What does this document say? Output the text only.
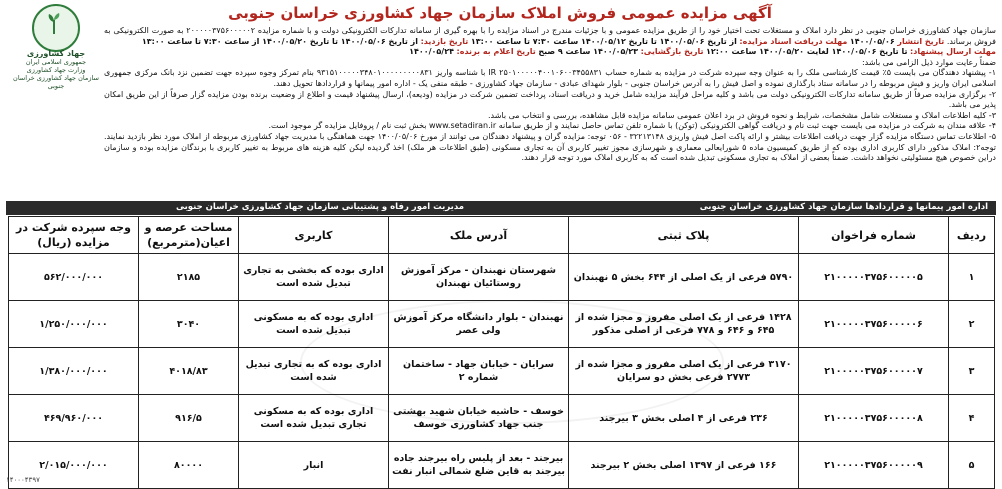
آگهی مزایده عمومی فروش املاک سازمان جهاد کشاورزی خراسان جنوبی
جهاد کشاورزی
جمهوری اسلامی ایران
وزارت جهاد کشاورزی
سازمان جهاد کشاورزی خراسان جنوبی

سازمان جهاد کشاورزی خراسان جنوبی در نظر دارد املاک و مستغلات تحت اختیار خود را از طریق مزایده عمومی و با جزئیات مندرج در اسناد مزایده را با بهره گیری از سامانه تدارکات الکترونیکی دولت و با شماره مزایده ۲۰۰۰۰۰۳۷۵۶۰۰۰۰۰۲ به صورت الکترونیکی به فروش برساند. تاریخ انتشار ۱۴۰۰/۰۵/۰۶ مهلت دریافت اسناد مزایده: از تاریخ ۱۴۰۰/۰۵/۰۶ تا تاریخ ۱۴۰۰/۰۵/۱۲ ساعت ۷:۳۰ تا ساعت ۱۳:۰۰ تاریخ بازدید: از تاریخ ۱۴۰۰/۰۵/۰۶ تا تاریخ ۱۴۰۰/۰۵/۲۰ از ساعت ۷:۳۰ تا ساعت ۱۳:۰۰

مهلت ارسال پیشنهاد: تا تاریخ ۱۴۰۰/۰۵/۰۶ لغایت ۱۴۰۰/۰۵/۲۰ ساعت ۱۲:۰۰ تاریخ بازگشایی: ۱۴۰۰/۰۵/۲۳ ساعت ۹ صبح تاریخ اعلام به برنده: ۱۴۰۰/۰۵/۲۴

ضمناً رعایت موارد ذیل الزامی می باشد:

۱- پیشنهاد دهندگان می بایست ۵٪ قیمت کارشناسی ملک را به عنوان وجه سپرده شرکت در مزایده به شماره حساب IR ۲۵۰۱۰۰۰۰۰۴۰۰۱۰۶۰۰۳۴۵۵۸۳۱ با شناسه واریز ۹۳۱۵۱۰۰۰۰۰۳۴۸۰۱۰۰۰۰۰۰۰۰۰۸۳۱ بنام تمرکز وجوه سپرده جهت تضمین نزد بانک مرکزی جمهوری اسلامی ایران واریز و فیش مربوطه را در سامانه ستاد بارگذاری نموده و اصل فیش را به آدرس خراسان جنوبی - بلوار شهدای عبادی - سازمان جهاد کشاورزی - طبقه منفی یک - اداره امور پیمانها و قراردادها تحویل دهند.

۲- برگزاری مزایده صرفاً از طریق سامانه تدارکات الکترونیکی دولت می باشد و کلیه مراحل فرآیند مزایده شامل خرید و دریافت اسناد، پرداخت تضمین شرکت در مزایده (ودیعه)، ارسال پیشنهاد قیمت و اطلاع از وضعیت برنده بودن مزایده گزار صرفاً از این طریق امکان پذیر می باشد.

۳- کلیه اطلاعات املاک و مستغلات شامل مشخصات، شرایط و نحوه فروش در برد اعلان عمومی سامانه مزایده قابل مشاهده، بررسی و انتخاب می باشد.

۴- علاقه مندان به شرکت در مزایده می بایست جهت ثبت نام و دریافت گواهی الکترونیکی (توکن) با شماره تلفن تماس حاصل نمایند و از طریق سامانه www.setadiran.ir بخش ثبت نام / پروفایل مزایده گر موجود است.

۵- اطلاعات تماس دستگاه مزایده گزار جهت دریافت اطلاعات بیشتر و ارائه پاکت اصل فیش واریزی ۳۲۲۱۳۱۴۸ - ۰۵۶ توجه: مزایده گران و پیشنهاد دهندگان می توانند از مورخ ۱۴۰۰/۰۵/۰۶ جهت هماهنگی با مدیریت جهاد کشاورزی مربوطه از املاک مورد نظر بازدید نمایند. توجه۲: املاک مذکور دارای کاربری اداری بوده که از طریق کمیسیون ماده ۵ شورایعالی معماری و شهرسازی مجوز تغییر کاربری آن به تجاری مسکونی (طبق اطلاعات هر ملک) اخذ گردیده لیکن کلیه هزینه های مربوط به تغییر کاربری با برندگان مزایده بوده و سازمان دراین خصوص هیچ مسئولیتی نخواهد داشت. ضمناً بعضی از املاک به تجاری مسکونی تبدیل شده است که به کاربری املاک مورد توجه قرار دهند.

اداره امور پیمانها و قراردادها سازمان جهاد کشاورزی خراسان جنوبی
مدیریت امور رفاه و پشتیبانی سازمان جهاد کشاورزی خراسان جنوبی
ردیف	شماره فراخوان	پلاک ثبتی	آدرس ملک	کاربری	مساحت عرصه و اعیان(مترمربع)	وجه سپرده شرکت در مزایده (ریال)
۱	۲۱۰۰۰۰۰۳۷۵۶۰۰۰۰۰۵	۵۷۹۰ فرعی از یک اصلی از ۶۴۴ بخش ۵ نهبندان	شهرستان نهبندان - مرکز آموزش روستائیان نهبندان	اداری بوده که بخشی به تجاری تبدیل شده است	۲۱۸۵	۵۶۲/۰۰۰/۰۰۰
۲	۲۱۰۰۰۰۰۳۷۵۶۰۰۰۰۰۶	۱۴۲۸ فرعی از یک اصلی مفروز و مجزا شده از ۶۴۵ و ۶۴۶ و ۷۷۸ فرعی از اصلی مذکور	نهبندان - بلوار دانشگاه مرکز آموزش ولی عصر	اداری بوده که به مسکونی تبدیل شده است	۳۰۴۰	۱/۲۵۰/۰۰۰/۰۰۰
۳	۲۱۰۰۰۰۰۳۷۵۶۰۰۰۰۰۷	۳۱۷۰ فرعی از یک اصلی مفروز و مجزا شده از ۲۷۷۳ فرعی بخش دو سرایان	سرایان - خیابان جهاد - ساختمان شماره ۲	اداری بوده که به تجاری تبدیل شده است	۴۰۱۸/۸۳	۱/۳۸۰/۰۰۰/۰۰۰
۴	۲۱۰۰۰۰۰۳۷۵۶۰۰۰۰۰۸	۲۳۶ فرعی از ۴ اصلی بخش ۳ بیرجند	خوسف - حاشیه خیابان شهید بهشتی جنب جهاد کشاورزی خوسف	اداری بوده که به مسکونی تجاری تبدیل شده است	۹۱۶/۵	۴۶۹/۹۶۰/۰۰۰
۵	۲۱۰۰۰۰۰۳۷۵۶۰۰۰۰۰۹	۱۶۶ فرعی از ۱۳۹۷ اصلی بخش ۲ بیرجند	بیرجند - بعد از پلیس راه بیرجند جاده بیرجند به قاین ضلع شمالی انبار نفت	انبار	۸۰۰۰۰	۲/۰۱۵/۰۰۰/۰۰۰
۱۴۰۰۰۴۳۹۷
